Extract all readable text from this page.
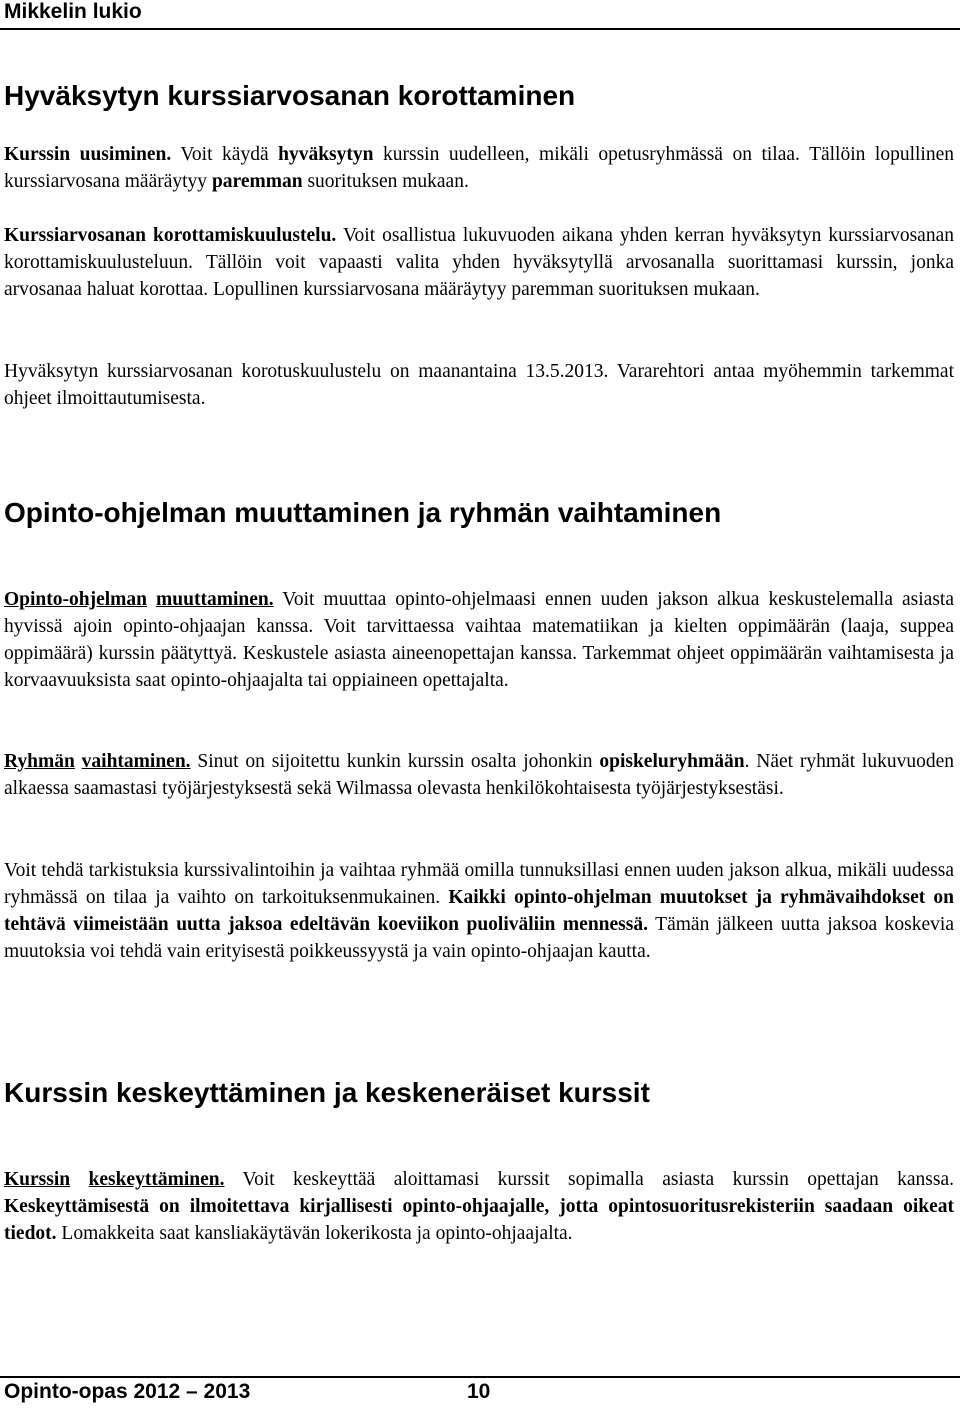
Mikkelin lukio
Hyväksytyn kurssiarvosanan korottaminen

Kurssin uusiminen. Voit käydä hyväksytyn kurssin uudelleen, mikäli opetusryhmässä on tilaa. Tällöin lopullinen kurssiarvosana määräytyy paremman suorituksen mukaan.

Kurssiarvosanan korottamiskuulustelu. Voit osallistua lukuvuoden aikana yhden kerran hyväksytyn kurssiarvosanan korottamiskuulusteluun. Tällöin voit vapaasti valita yhden hyväksytyllä arvosanalla suorittamasi kurssin, jonka arvosanaa haluat korottaa. Lopullinen kurssiarvosana määräytyy paremman suorituksen mukaan.

Hyväksytyn kurssiarvosanan korotuskuulustelu on maanantaina 13.5.2013. Vararehtori antaa myöhemmin tarkemmat ohjeet ilmoittautumisesta.

Opinto-ohjelman muuttaminen ja ryhmän vaihtaminen

Opinto-ohjelman muuttaminen. Voit muuttaa opinto-ohjelmaasi ennen uuden jakson alkua keskustelemalla asiasta hyvissä ajoin opinto-ohjaajan kanssa. Voit tarvittaessa vaihtaa matematiikan ja kielten oppimäärän (laaja, suppea oppimäärä) kurssin päätyttyä. Keskustele asiasta aineenopettajan kanssa. Tarkemmat ohjeet oppimäärän vaihtamisesta ja korvaavuuksista saat opinto-ohjaajalta tai oppiaineen opettajalta.

Ryhmän vaihtaminen. Sinut on sijoitettu kunkin kurssin osalta johonkin opiskeluryhmään. Näet ryhmät lukuvuoden alkaessa saamastasi työjärjestyksestä sekä Wilmassa olevasta henkilökohtaisesta työjärjestyksestäsi.

Voit tehdä tarkistuksia kurssivalintoihin ja vaihtaa ryhmää omilla tunnuksillasi ennen uuden jakson alkua, mikäli uudessa ryhmässä on tilaa ja vaihto on tarkoituksenmukainen. Kaikki opinto-ohjelman muutokset ja ryhmävaihdokset on tehtävä viimeistään uutta jaksoa edeltävän koeviikon puoliväliin mennessä. Tämän jälkeen uutta jaksoa koskevia muutoksia voi tehdä vain erityisestä poikkeussyystä ja vain opinto-ohjaajan kautta.

Kurssin keskeyttäminen ja keskeneräiset kurssit

Kurssin keskeyttäminen. Voit keskeyttää aloittamasi kurssit sopimalla asiasta kurssin opettajan kanssa. Keskeyttämisestä on ilmoitettava kirjallisesti opinto-ohjaajalle, jotta opintosuoritusrekisteriin saadaan oikeat tiedot. Lomakkeita saat kansliakäytävän lokerikosta ja opinto-ohjaajalta.

Opinto-opas 2012 – 2013	10
